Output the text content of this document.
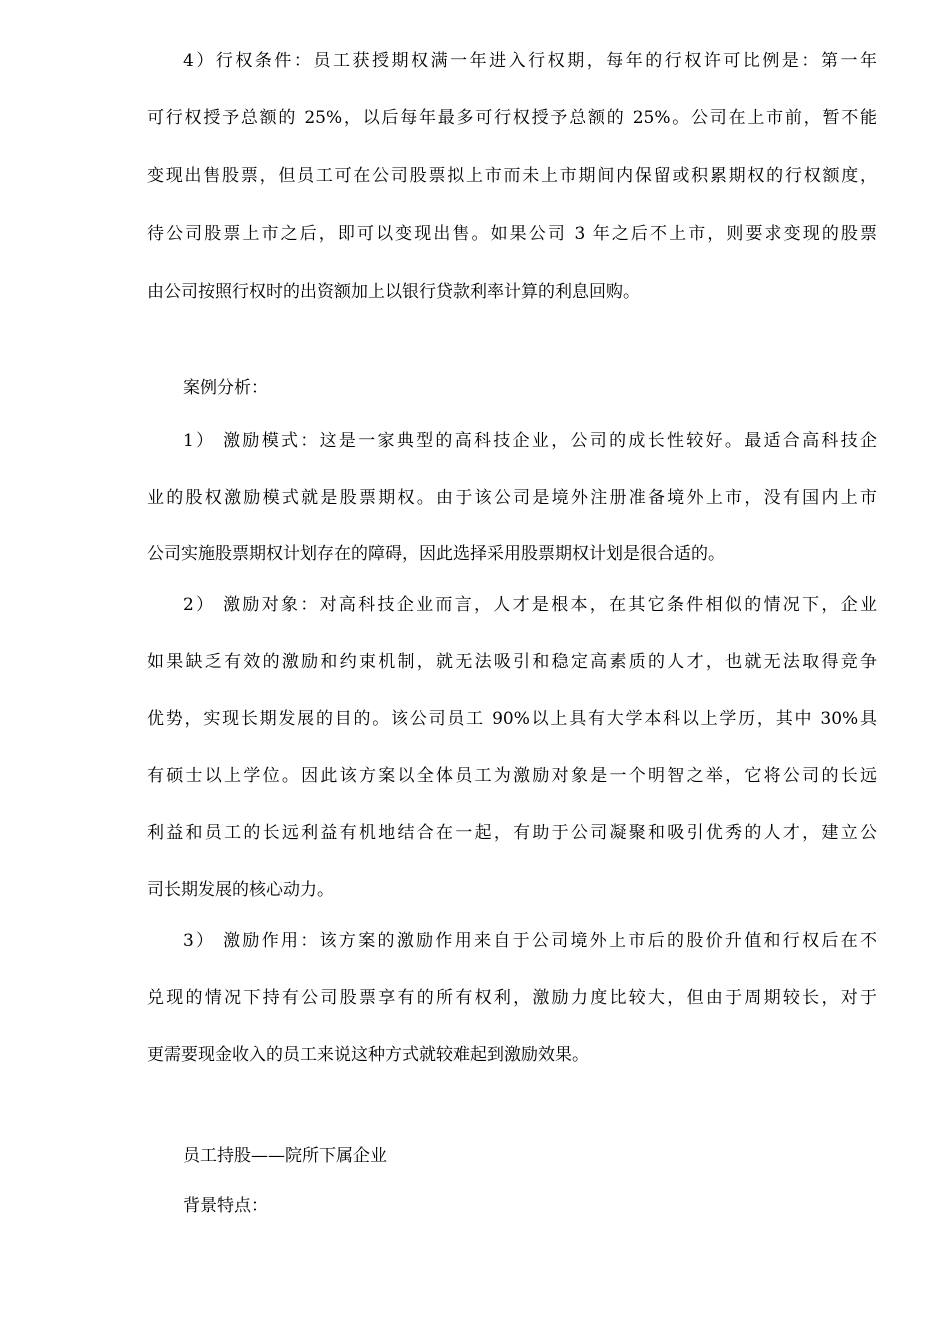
4）行权条件：员工获授期权满一年进入行权期，每年的行权许可比例是：第一年
可行权授予总额的 25%，以后每年最多可行权授予总额的 25%。公司在上市前，暂不能
变现出售股票，但员工可在公司股票拟上市而未上市期间内保留或积累期权的行权额度，
待公司股票上市之后，即可以变现出售。如果公司 3 年之后不上市，则要求变现的股票
由公司按照行权时的出资额加上以银行贷款利率计算的利息回购。
案例分析：
1） 激励模式：这是一家典型的高科技企业，公司的成长性较好。最适合高科技企
业的股权激励模式就是股票期权。由于该公司是境外注册准备境外上市，没有国内上市
公司实施股票期权计划存在的障碍，因此选择采用股票期权计划是很合适的。
2） 激励对象：对高科技企业而言，人才是根本，在其它条件相似的情况下，企业
如果缺乏有效的激励和约束机制，就无法吸引和稳定高素质的人才，也就无法取得竞争
优势，实现长期发展的目的。该公司员工 90%以上具有大学本科以上学历，其中 30%具
有硕士以上学位。因此该方案以全体员工为激励对象是一个明智之举，它将公司的长远
利益和员工的长远利益有机地结合在一起，有助于公司凝聚和吸引优秀的人才，建立公
司长期发展的核心动力。
3） 激励作用：该方案的激励作用来自于公司境外上市后的股价升值和行权后在不
兑现的情况下持有公司股票享有的所有权利，激励力度比较大，但由于周期较长，对于
更需要现金收入的员工来说这种方式就较难起到激励效果。
员工持股——院所下属企业
背景特点：
